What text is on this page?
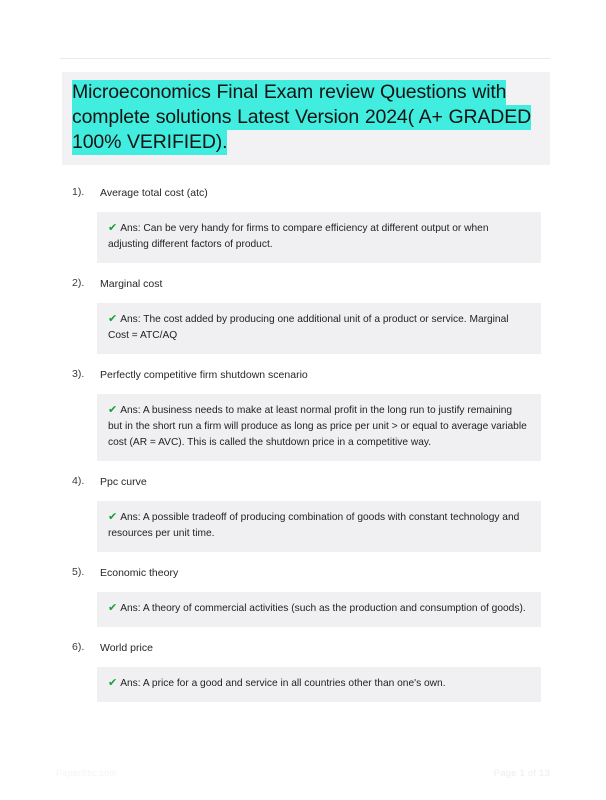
Microeconomics Final Exam review Questions with complete solutions Latest Version 2024( A+ GRADED 100% VERIFIED).
1).	Average total cost (atc)

✔ Ans: Can be very handy for firms to compare efficiency at different output or when adjusting different factors of product.

2).	Marginal cost

✔ Ans: The cost added by producing one additional unit of a product or service. Marginal Cost = ATC/AQ

3).	Perfectly competitive firm shutdown scenario

✔ Ans: A business needs to make at least normal profit in the long run to justify remaining but in the short run a firm will produce as long as price per unit > or equal to average variable cost (AR = AVC). This is called the shutdown price in a competitive way.

4).	Ppc curve

✔ Ans: A possible tradeoff of producing combination of goods with constant technology and resources per unit time.

5).	Economic theory

✔ Ans: A theory of commercial activities (such as the production and consumption of goods).

6).	World price

✔ Ans: A price for a good and service in all countries other than one's own.

PaperStic.com	Page 1 of 13
